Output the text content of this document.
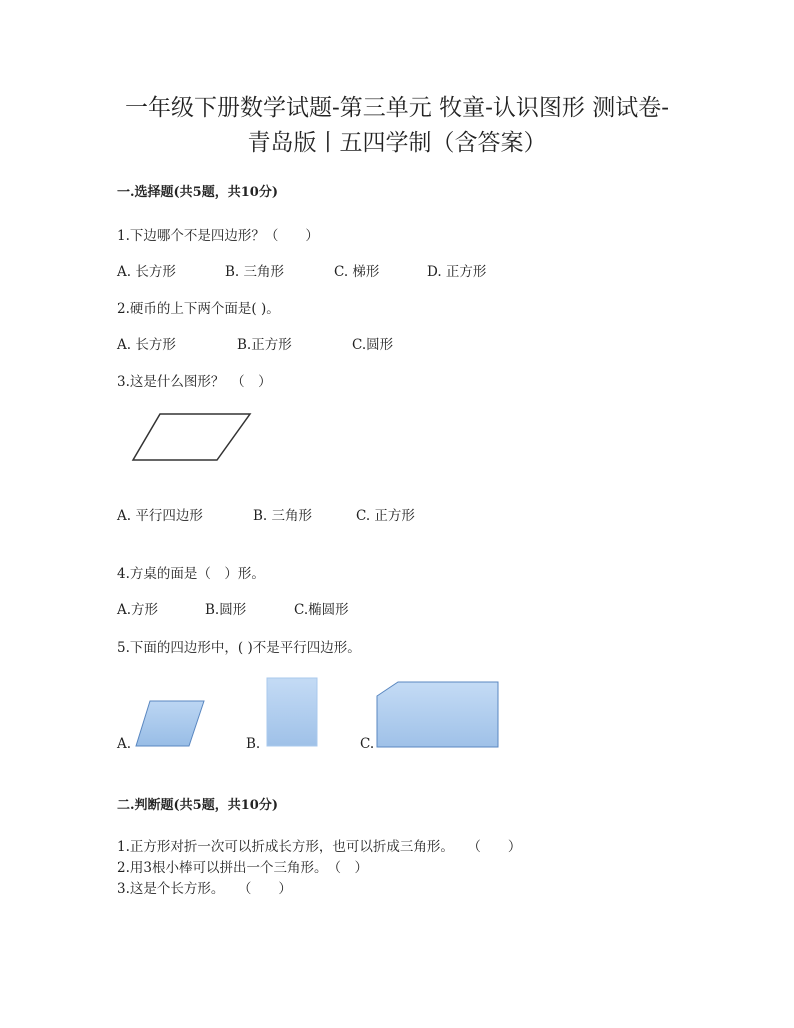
一年级下册数学试题-第三单元 牧童-认识图形 测试卷-
青岛版丨五四学制（含答案）
一.选择题(共5题，共10分)
1.下边哪个不是四边形？（　　）
A. 长方形	B. 三角形	C. 梯形	D. 正方形
2.硬币的上下两个面是( )。
A. 长方形	B.正方形	C.圆形
3.这是什么图形？　（　）
A. 平行四边形	B. 三角形	C. 正方形
4.方桌的面是（　）形。
A.方形	B.圆形	C.椭圆形
5.下面的四边形中，( )不是平行四边形。
A.	B.	C.
二.判断题(共5题，共10分)
1.正方形对折一次可以折成长方形，也可以折成三角形。　　（　　）
2.用3根小棒可以拼出一个三角形。　（　）
3.这是个长方形。　　（　　）
